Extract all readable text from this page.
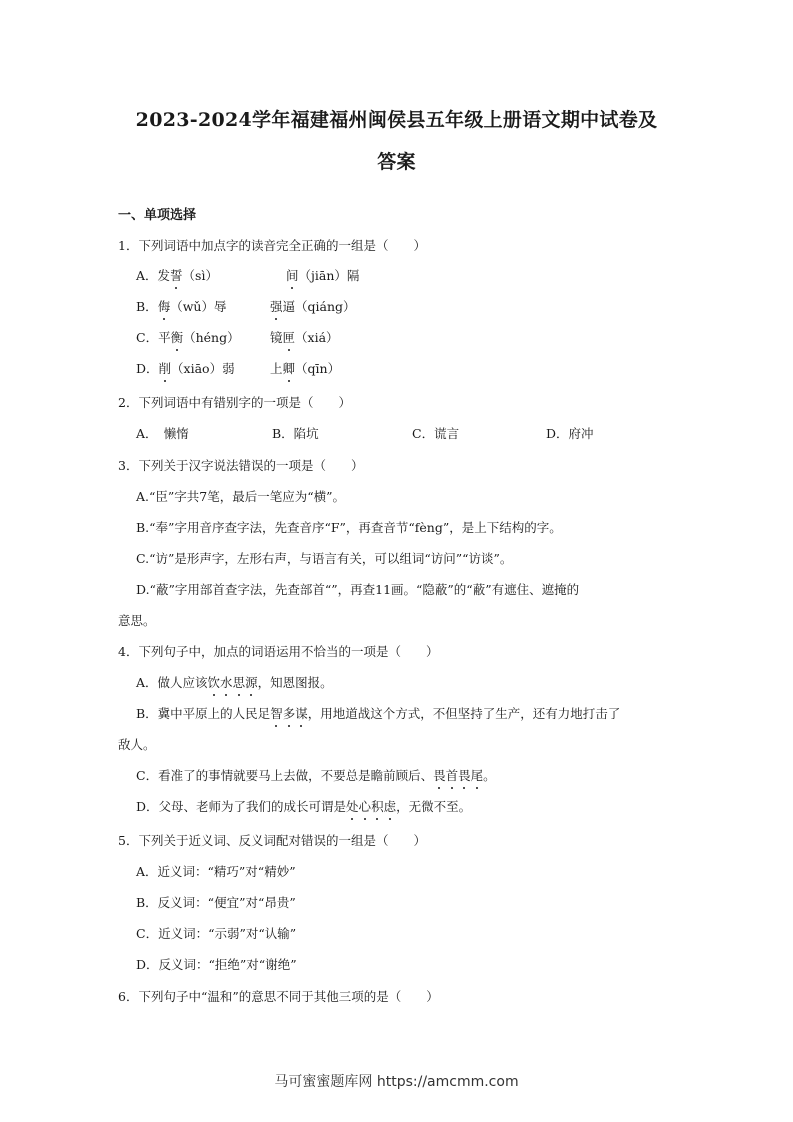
2023-2024学年福建福州闽侯县五年级上册语文期中试卷及
答案
一、单项选择
1．下列词语中加点字的读音完全正确的一组是（　　）
A．发誓（sì）	间（jiān）隔
B．侮（wǔ）辱	强逼（qiáng）
C．平衡（héng） 镜匣（xiá）
D．削（xiāo）弱	上卿（qīn）
2．下列词语中有错别字的一项是（　　）
A．　懒惰	B．陷坑	C．谎言	D．府冲
3．下列关于汉字说法错误的一项是（　　）
A.“臣”字共7笔，最后一笔应为“横”。
B.“奉”字用音序查字法，先查音序“F”，再查音节“fèng”，是上下结构的字。
C.“访”是形声字，左形右声，与语言有关，可以组词“访问”“访谈”。
D.“蔽”字用部首查字法，先查部首“”，再查11画。“隐蔽”的“蔽”有遮住、遮掩的
意思。
4．下列句子中，加点的词语运用不恰当的一项是（　　）
A．做人应该饮水思源，知恩图报。
B．冀中平原上的人民足智多谋，用地道战这个方式，不但坚持了生产，还有力地打击了
敌人。
C．看准了的事情就要马上去做，不要总是瞻前顾后、畏首畏尾。
D．父母、老师为了我们的成长可谓是处心积虑，无微不至。
5．下列关于近义词、反义词配对错误的一组是（　　）
A．近义词：“精巧”对“精妙”
B．反义词：“便宜”对“昂贵”
C．近义词：“示弱”对“认输”
D．反义词：“拒绝”对“谢绝”
6．下列句子中“温和”的意思不同于其他三项的是（　　）
马可蜜蜜题库网 https://amcmm.com
